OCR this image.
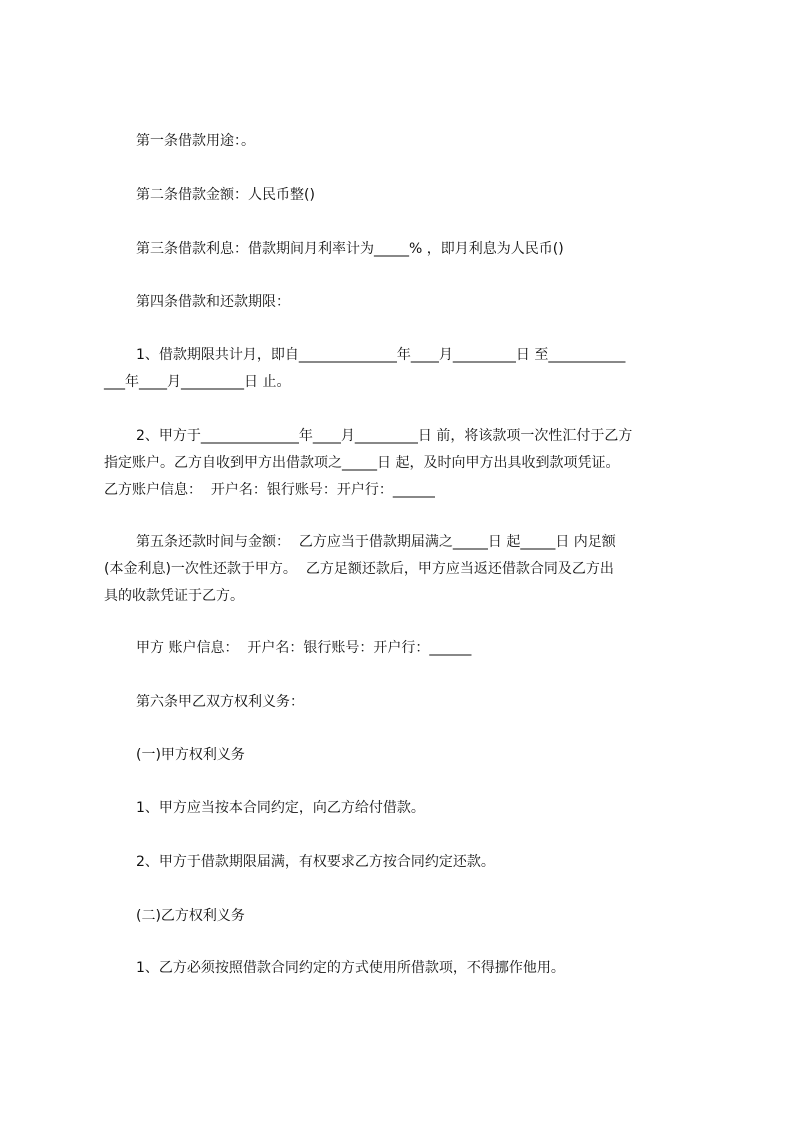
第一条借款用途：。
第二条借款金额：人民币整()
第三条借款利息：借款期间月利率计为_____% ，即月利息为人民币()
第四条借款和还款期限：
1、借款期限共计月，即自______________年____月_________日 至___________
___年____月_________日 止。
2、甲方于______________年____月_________日 前，将该款项一次性汇付于乙方
指定账户。乙方自收到甲方出借款项之_____日 起，及时向甲方出具收到款项凭证。
乙方账户信息：  开户名：银行账号：开户行：______
第五条还款时间与金额：  乙方应当于借款期届满之_____日 起_____日 内足额
(本金利息)一次性还款于甲方。  乙方足额还款后，甲方应当返还借款合同及乙方出
具的收款凭证于乙方。
甲方 账户信息：  开户名：银行账号：开户行：______
第六条甲乙双方权利义务：
(一)甲方权利义务
1、甲方应当按本合同约定，向乙方给付借款。
2、甲方于借款期限届满，有权要求乙方按合同约定还款。
(二)乙方权利义务
1、乙方必须按照借款合同约定的方式使用所借款项，不得挪作他用。
